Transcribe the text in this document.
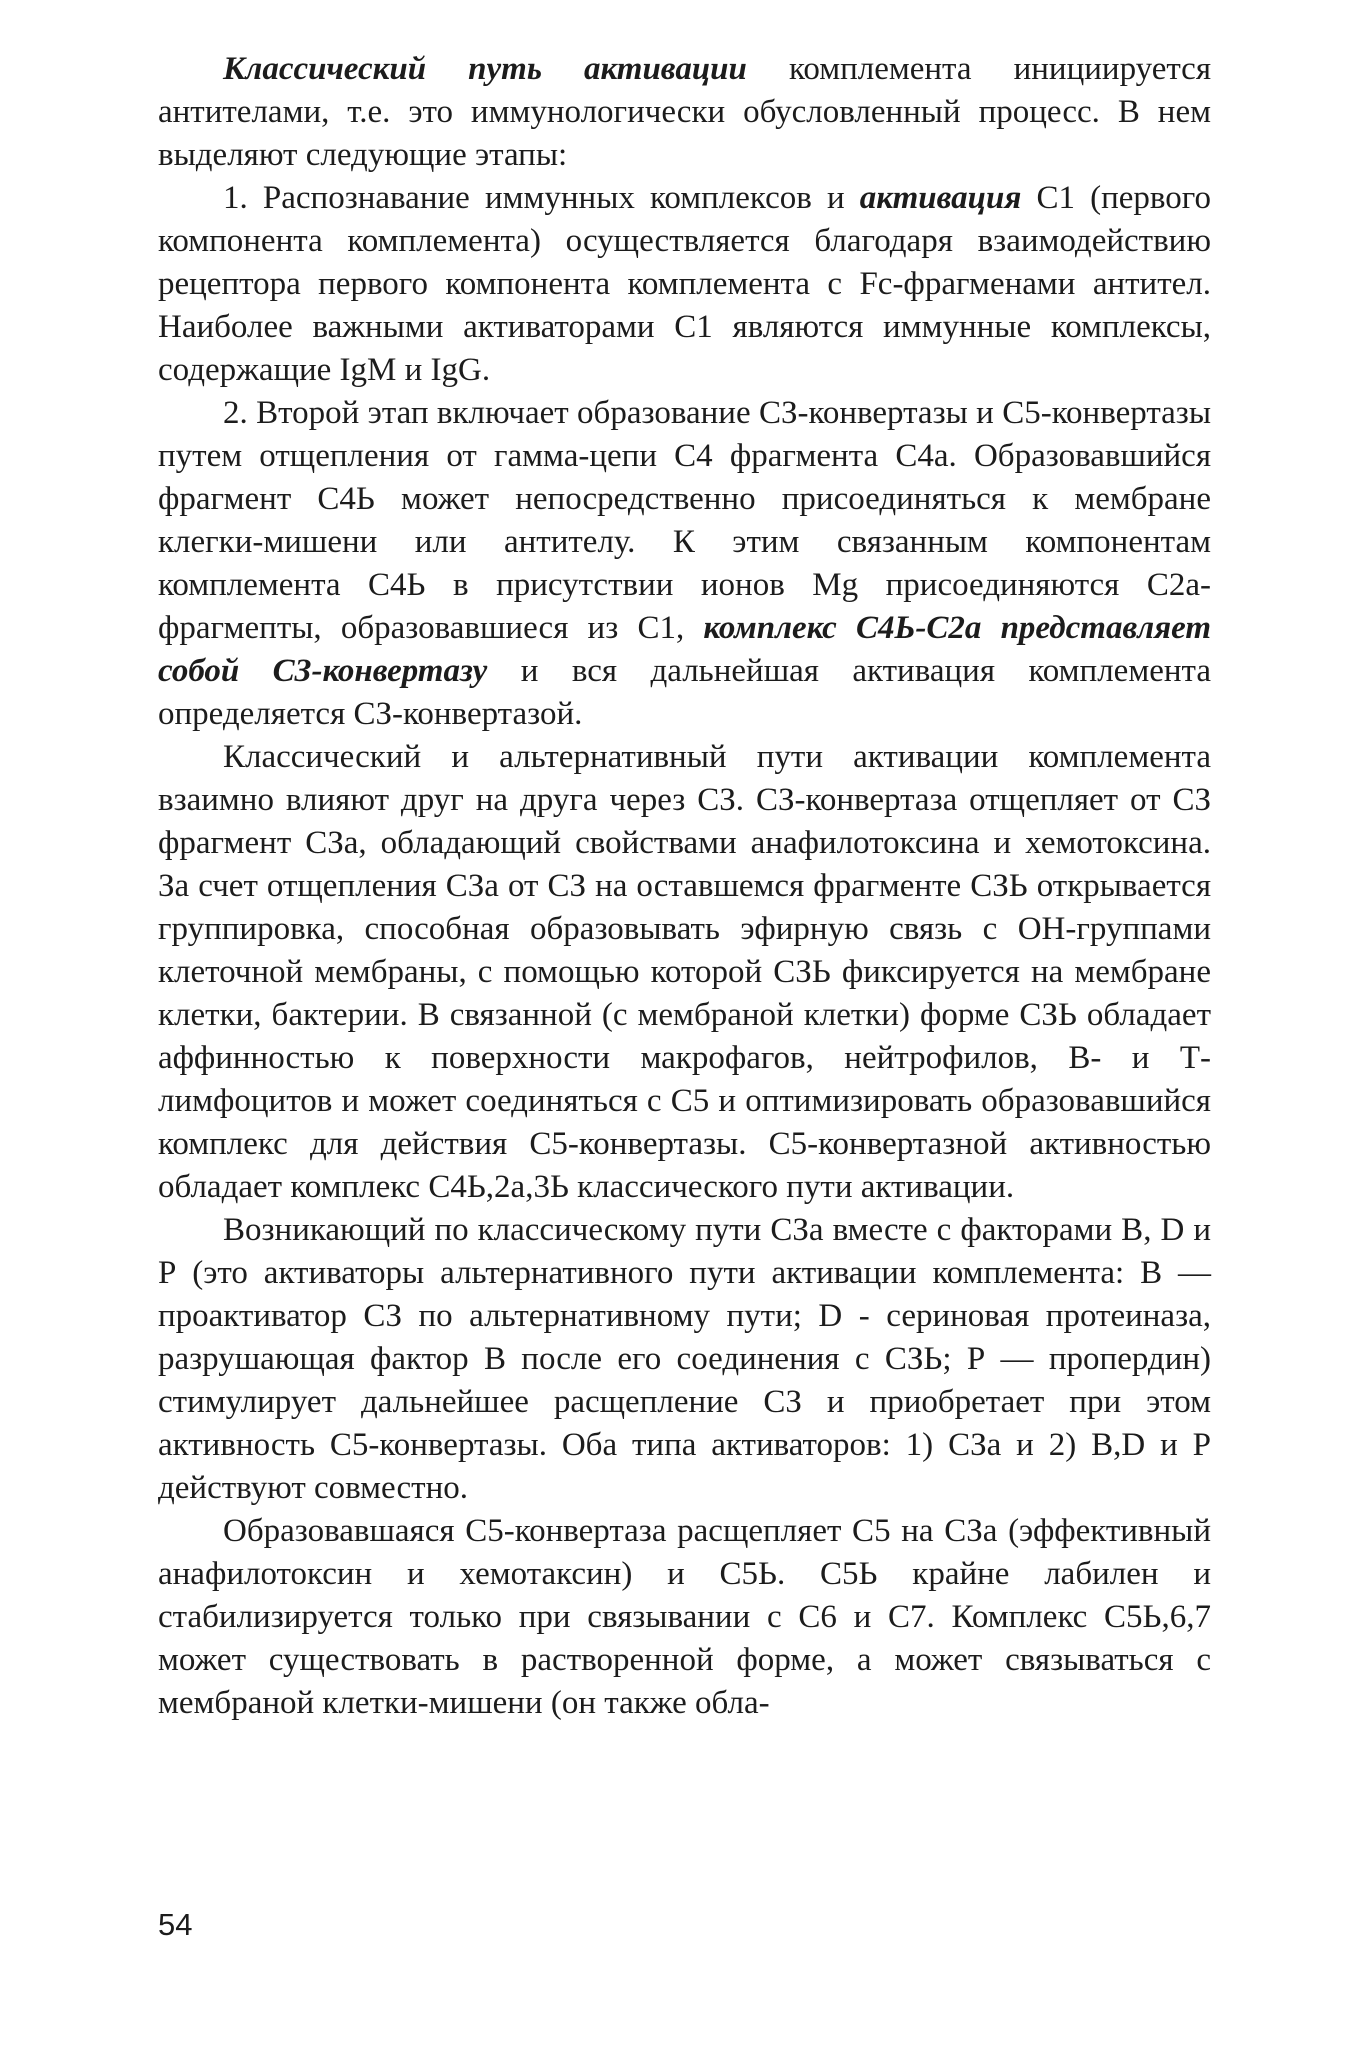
Классический путь активации комплемента инициируется антителами, т.е. это иммунологически обусловленный процесс. В нем выделяют следующие этапы:

1. Распознавание иммунных комплексов и активация С1 (первого компонента комплемента) осуществляется благодаря взаимодействию рецептора первого компонента комплемента с Fc-фрагменами антител. Наиболее важными активаторами С1 являются иммунные комплексы, содержащие IgM и IgG.

2. Второй этап включает образование СЗ-конвертазы и С5-конвертазы путем отщепления от гамма-цепи С4 фрагмента С4а. Образовавшийся фрагмент С4Ь может непосредственно присоединяться к мембране клегки-мишени или антителу. К этим связанным компонентам комплемента С4Ь в присутствии ионов Mg присоединяются С2а-фрагмепты, образовавшиеся из С1, комплекс С4Ь-С2а представляет собой СЗ-конвертазу и вся дальнейшая активация комплемента определяется СЗ-конвертазой.

Классический и альтернативный пути активации комплемента взаимно влияют друг на друга через СЗ. СЗ-конвертаза отщепляет от СЗ фрагмент СЗа, обладающий свойствами анафилотоксина и хемотоксина. За счет отщепления СЗа от СЗ на оставшемся фрагменте СЗЬ открывается группировка, способная образовывать эфирную связь с ОН-группами клеточной мембраны, с помощью которой СЗЬ фиксируется на мембране клетки, бактерии. В связанной (с мембраной клетки) форме СЗЬ обладает аффинностью к поверхности макрофагов, нейтрофилов, В- и Т-лимфоцитов и может соединяться с С5 и оптимизировать образовавшийся комплекс для действия С5-конвертазы. С5-конвертазной активностью обладает комплекс С4Ь,2а,3Ь классического пути активации.

Возникающий по классическому пути СЗа вместе с факторами В, D и Р (это активаторы альтернативного пути активации комплемента: В — проактиватор СЗ по альтернативному пути; D - сериновая протеиназа, разрушающая фактор В после его соединения с СЗЬ; Р — пропердин) стимулирует дальнейшее расщепление СЗ и приобретает при этом активность С5-конвертазы. Оба типа активаторов: 1) СЗа и 2) В,D и Р действуют совместно.

Образовавшаяся С5-конвертаза расщепляет С5 на СЗа (эффективный анафилотоксин и хемотаксин) и С5Ь. С5Ь крайне лабилен и стабилизируется только при связывании с С6 и С7. Комплекс С5Ь,6,7 может существовать в растворенной форме, а может связываться с мембраной клетки-мишени (он также обла-

54
